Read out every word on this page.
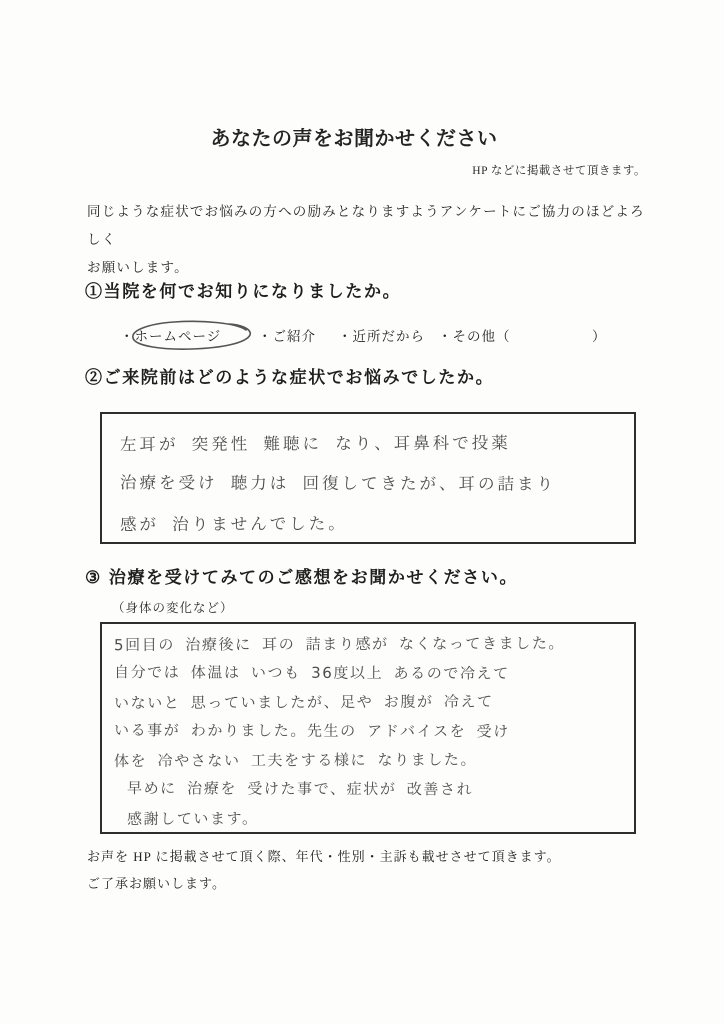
あなたの声をお聞かせください
HP などに掲載させて頂きます。
同じような症状でお悩みの方への励みとなりますようアンケートにご協力のほどよろしく
お願いします。
①当院を何でお知りになりましたか。
・ホームページ	・ご紹介 ・近所だから ・その他（	）
②ご来院前はどのような症状でお悩みでしたか。
左耳が 突発性 難聴に なり、耳鼻科で投薬
治療を受け 聴力は 回復してきたが、耳の詰まり
感が 治りませんでした。
③ 治療を受けてみてのご感想をお聞かせください。
（身体の変化など）
5回目の 治療後に 耳の 詰まり感が なくなってきました。
自分では 体温は いつも 36度以上 あるので冷えて
いないと 思っていましたが、足や お腹が 冷えて
いる事が わかりました。先生の アドバイスを 受け
体を 冷やさない 工夫をする様に なりました。
早めに 治療を 受けた事で、症状が 改善され
感謝しています。
お声を HP に掲載させて頂く際、年代・性別・主訴も載せさせて頂きます。
ご了承お願いします。
